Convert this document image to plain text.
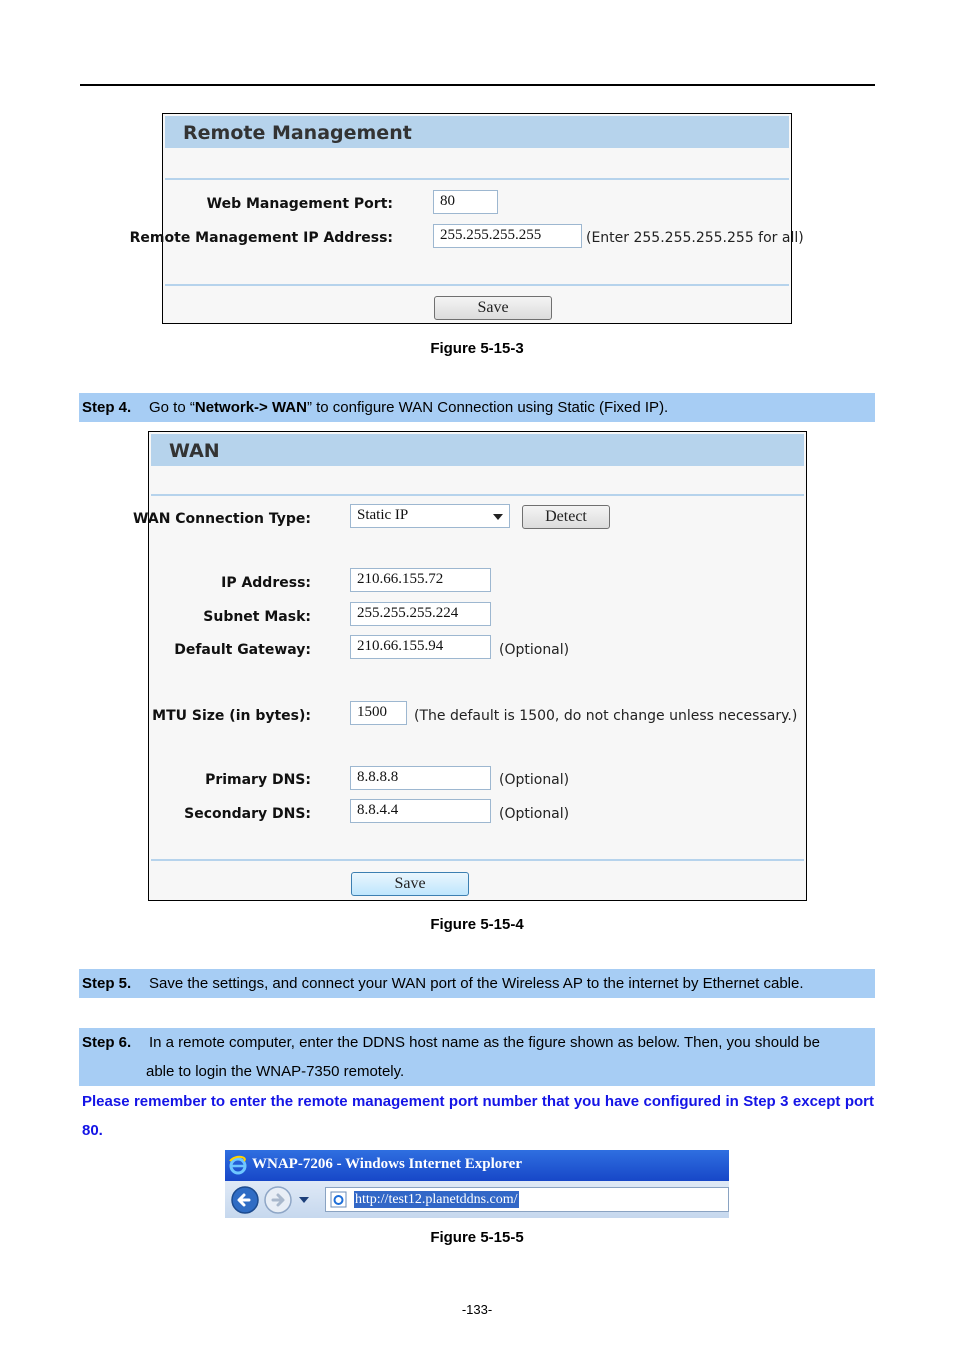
Remote Management
Web Management Port:	80
Remote Management IP Address:	255.255.255.255	(Enter 255.255.255.255 for all)
Save
Figure 5-15-3
Step 4. Go to “Network-> WAN” to configure WAN Connection using Static (Fixed IP).
WAN
WAN Connection Type:	Static IP	Detect
IP Address:	210.66.155.72
Subnet Mask:	255.255.255.224
Default Gateway:	210.66.155.94	(Optional)
MTU Size (in bytes):	1500	(The default is 1500, do not change unless necessary.)
Primary DNS:	8.8.8.8	(Optional)
Secondary DNS:	8.8.4.4	(Optional)
Save
Figure 5-15-4
Step 5. Save the settings, and connect your WAN port of the Wireless AP to the internet by Ethernet cable.
Step 6. In a remote computer, enter the DDNS host name as the figure shown as below. Then, you should be
able to login the WNAP-7350 remotely.
Please remember to enter the remote management port number that you have configured in Step 3 except port 80.
WNAP-7206 - Windows Internet Explorer
http://test12.planetddns.com/
Figure 5-15-5
-133-
